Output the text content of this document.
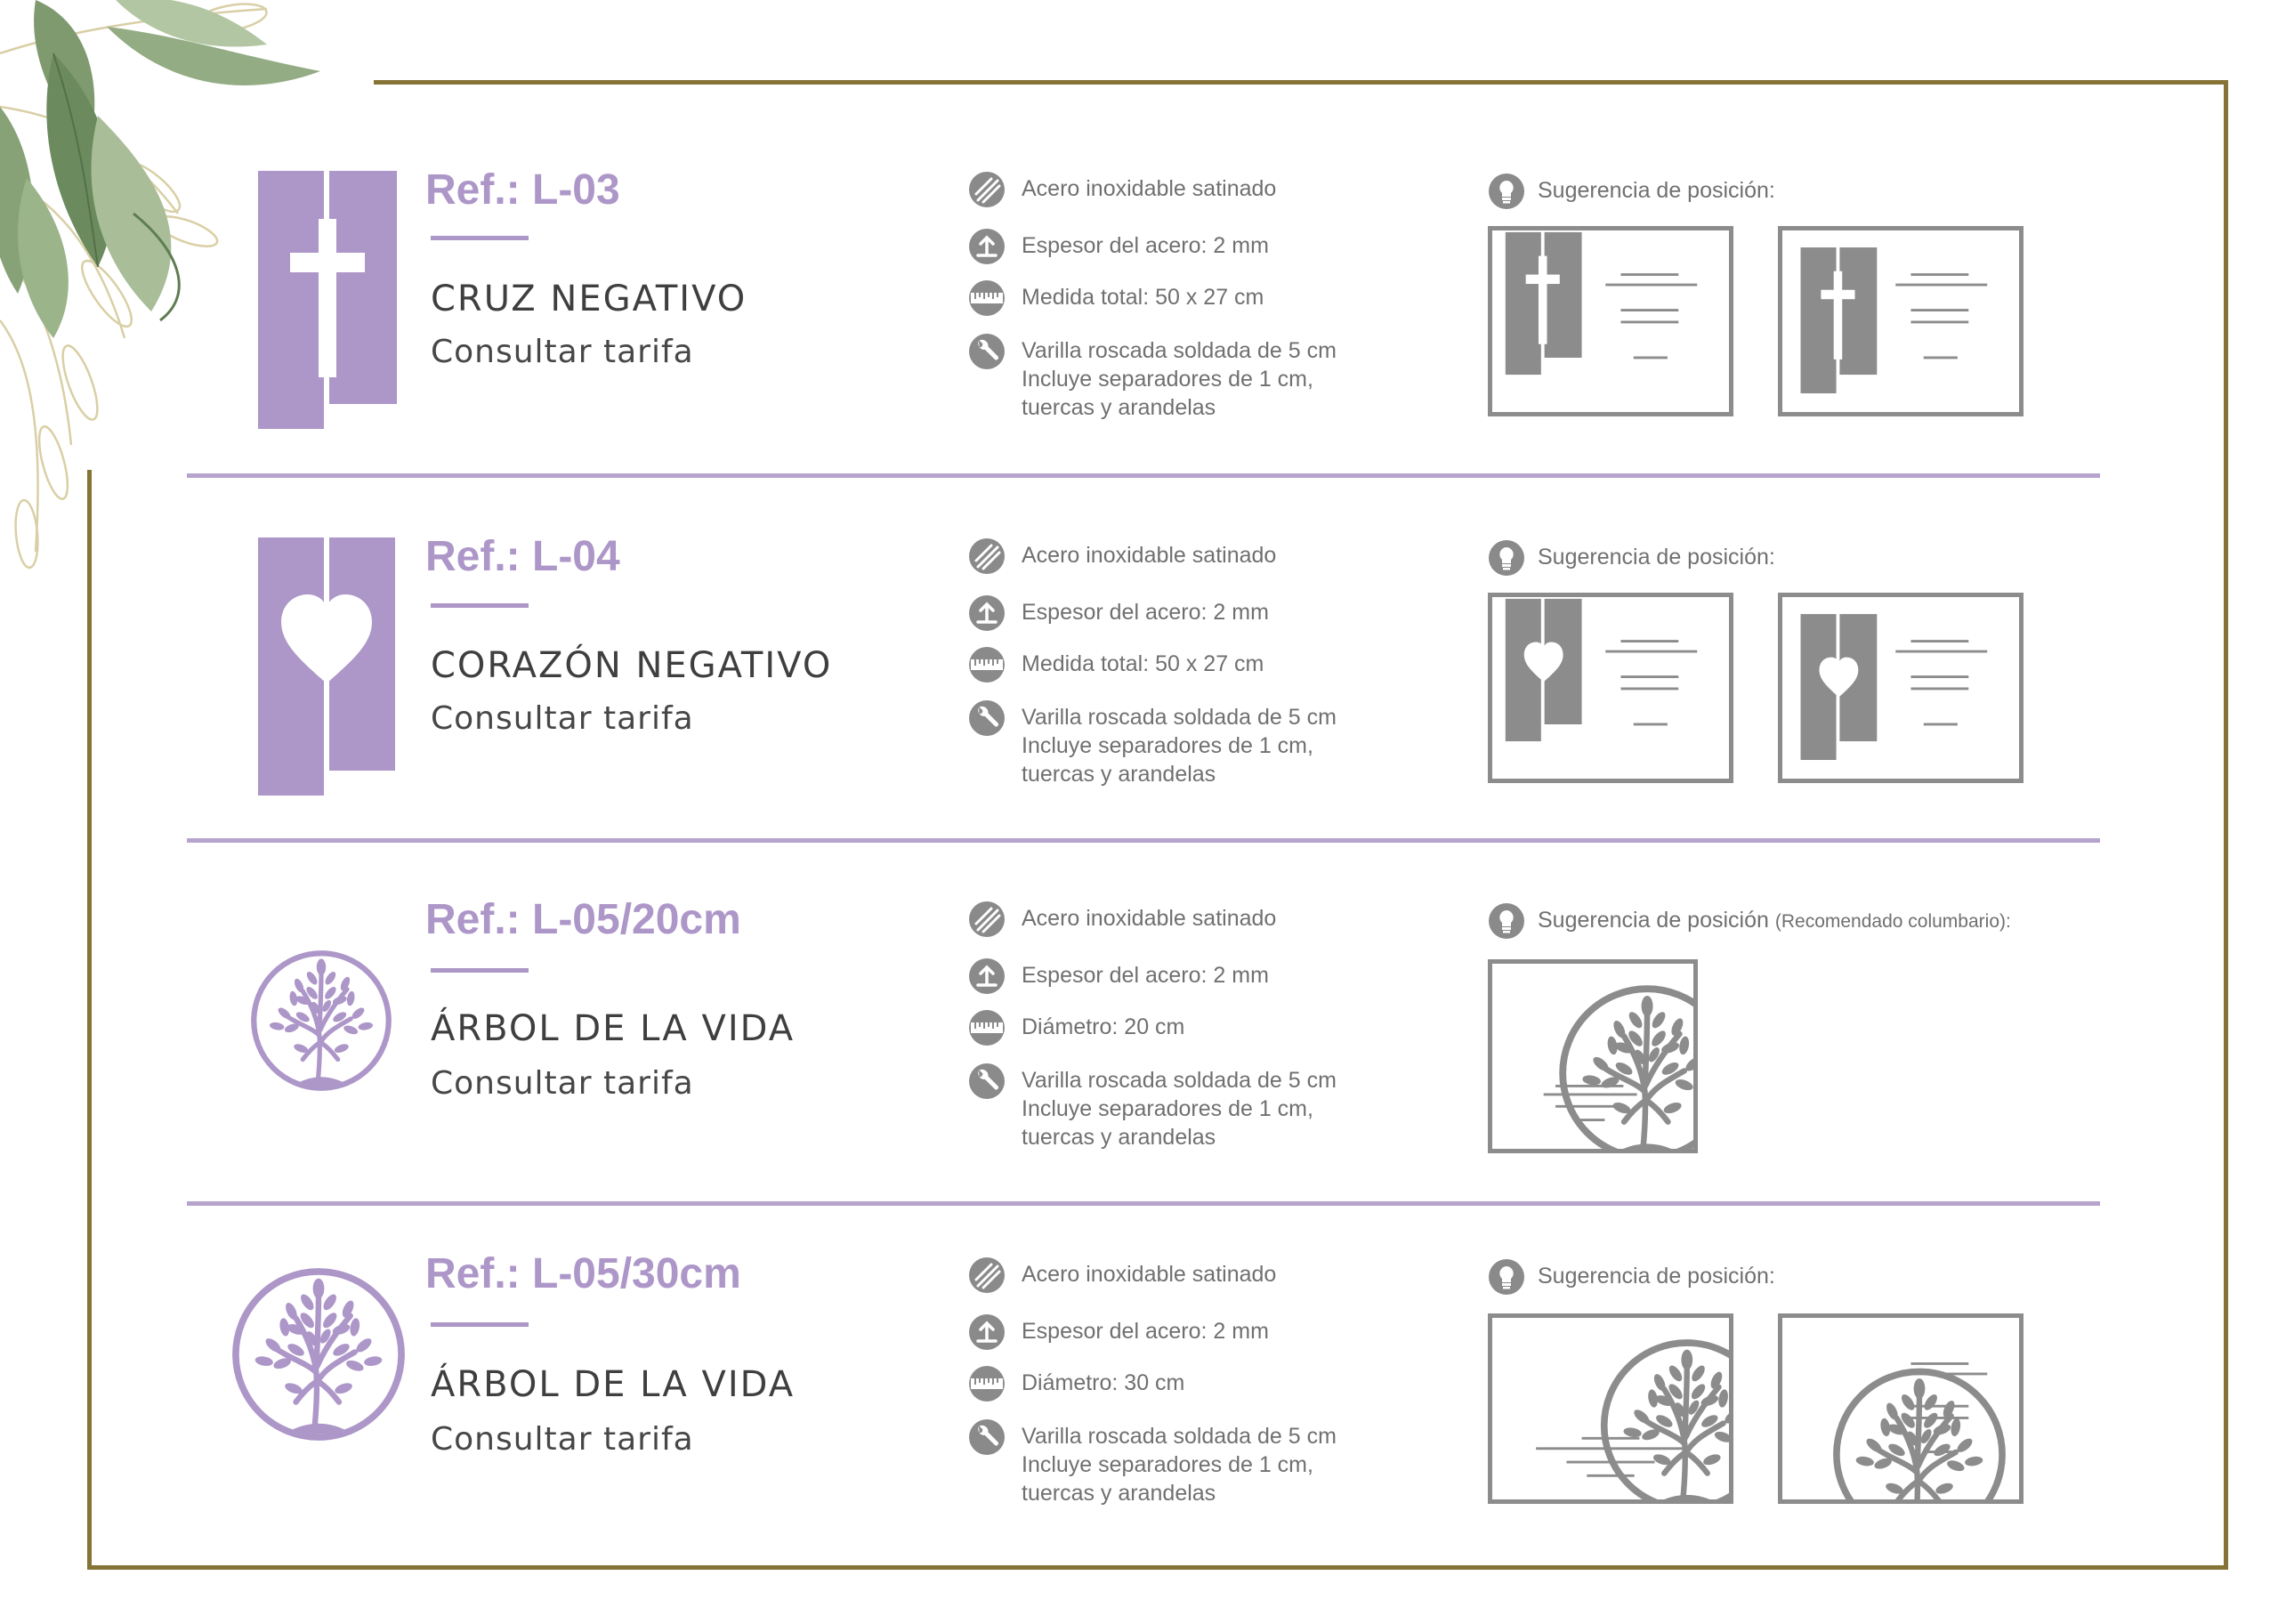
Ref.: L-03
CRUZ NEGATIVO
Consultar tarifa
Acero inoxidable satinado
Espesor del acero: 2 mm
Medida total: 50 x 27 cm
Varilla roscada soldada de 5 cm
Incluye separadores de 1 cm,
tuercas y arandelas
Sugerencia de posición:
Ref.: L-04
CORAZÓN NEGATIVO
Consultar tarifa
Acero inoxidable satinado
Espesor del acero: 2 mm
Medida total: 50 x 27 cm
Varilla roscada soldada de 5 cm
Incluye separadores de 1 cm,
tuercas y arandelas
Sugerencia de posición:
Ref.: L-05/20cm
ÁRBOL DE LA VIDA
Consultar tarifa
Acero inoxidable satinado
Espesor del acero: 2 mm
Diámetro: 20 cm
Varilla roscada soldada de 5 cm
Incluye separadores de 1 cm,
tuercas y arandelas
Sugerencia de posición (Recomendado columbario):
Ref.: L-05/30cm
ÁRBOL DE LA VIDA
Consultar tarifa
Acero inoxidable satinado
Espesor del acero: 2 mm
Diámetro: 30 cm
Varilla roscada soldada de 5 cm
Incluye separadores de 1 cm,
tuercas y arandelas
Sugerencia de posición:
